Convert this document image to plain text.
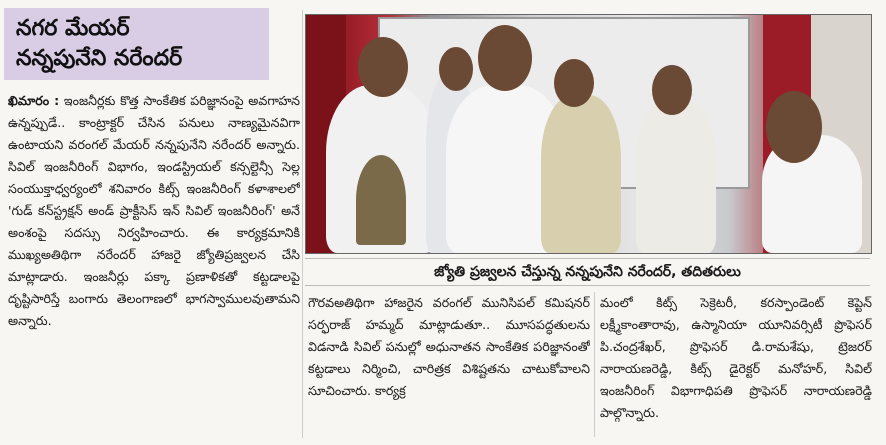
నగర మేయర్
నన్నపునేని నరేందర్
ఖిమారం : ఇంజనీర్లకు కొత్త సాంకేతిక పరిజ్ఞానంపై అవగాహన ఉన్నప్పుడే.. కాంట్రాక్టర్ చేసిన పనులు నాణ్యమైనవిగా ఉంటాయని వరంగల్ మేయర్ నన్నపునేని నరేందర్ అన్నారు. సివిల్ ఇంజనీరింగ్ విభాగం, ఇండస్ట్రియల్ కన్సల్టెన్సీ సెల్ల సంయుక్తాధ్వర్యంలో శనివారం కిట్స్ ఇంజనీరింగ్ కళాశాలలో 'గుడ్ కన్‌స్ట్రక్షన్ అండ్ ప్రాక్టీసెస్ ఇన్ సివిల్ ఇంజనీరింగ్' అనే అంశంపై సదస్సు నిర్వహించారు. ఈ కార్యక్రమానికి ముఖ్యఅతిథిగా నరేందర్ హాజరై జ్యోతిప్రజ్వలన చేసి మాట్లాడారు. ఇంజనీర్లు పక్కా ప్రణాళికతో కట్టడాలపై దృష్టిసారిస్తే బంగారు తెలంగాణలో భాగస్వాములవుతామని అన్నారు.
జ్యోతి ప్రజ్వలన చేస్తున్న నన్నపునేని నరేందర్, తదితరులు
గౌరవఅతిథిగా హాజరైన వరంగల్ మునిసిపల్ కమిషనర్ సర్ఫరాజ్ హమ్మద్ మాట్లాడుతూ.. మూసపద్ధతులను విడనాడి సివిల్ పనుల్లో అధునాతన సాంకేతిక పరిజ్ఞానంతో కట్టడాలు నిర్మించి, చారిత్రక విశిష్టతను చాటుకోవాలని సూచించారు. కార్యక్ర
మంలో కిట్స్ సెక్రెటరీ, కరస్పాండెంట్ కెప్టెన్ లక్ష్మీకాంతారావు, ఉస్మానియా యూనివర్సిటీ ప్రొఫెసర్ పి.చంద్రశేఖర్, ప్రొఫెసర్ డి.రామశేషు, ట్రెజరర్ నారాయణరెడ్డి, కిట్స్ డైరెక్టర్ మనోహర్, సివిల్ ఇంజనీరింగ్ విభాగాధిపతి ప్రొఫెసర్ నారాయణరెడ్డి పాల్గొన్నారు.
